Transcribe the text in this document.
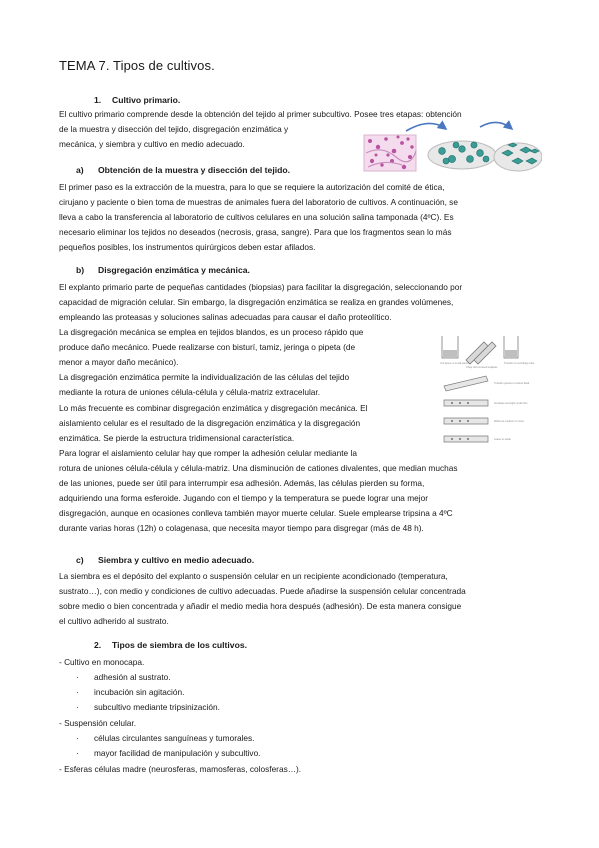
TEMA 7. Tipos de cultivos.
1. Cultivo primario.
El cultivo primario comprende desde la obtención del tejido al primer subcultivo. Posee tres etapas: obtención
de la muestra y disección del tejido, disgregación enzimática y
mecánica, y siembra y cultivo en medio adecuado.
a) Obtención de la muestra y disección del tejido.
El primer paso es la extracción de la muestra, para lo que se requiere la autorización del comité de ética,
cirujano y paciente o bien toma de muestras de animales fuera del laboratorio de cultivos. A continuación, se
lleva a cabo la transferencia al laboratorio de cultivos celulares en una solución salina tamponada (4ºC). Es
necesario eliminar los tejidos no deseados (necrosis, grasa, sangre). Para que los fragmentos sean lo más
pequeños posibles, los instrumentos quirúrgicos deben estar afilados.
b) Disgregación enzimática y mecánica.
El explanto primario parte de pequeñas cantidades (biopsias) para facilitar la disgregación, seleccionando por
capacidad de migración celular. Sin embargo, la disgregación enzimática se realiza en grandes volúmenes,
empleando las proteasas y soluciones salinas adecuadas para causar el daño proteolítico.
La disgregación mecánica se emplea en tejidos blandos, es un proceso rápido que
produce daño mecánico. Puede realizarse con bisturí, tamiz, jeringa o pipeta (de
menor a mayor daño mecánico).
La disgregación enzimática permite la individualización de las células del tejido
mediante la rotura de uniones célula-célula y célula-matriz extracelular.
Lo más frecuente es combinar disgregación enzimática y disgregación mecánica. El
aislamiento celular es el resultado de la disgregación enzimática y la disgregación
enzimática. Se pierde la estructura tridimensional característica.
Para lograr el aislamiento celular hay que romper la adhesión celular mediante la
rotura de uniones célula-célula y célula-matriz. Una disminución de cationes divalentes, que median muchas
de las uniones, puede ser útil para interrumpir esa adhesión. Además, las células pierden su forma,
adquiriendo una forma esferoide. Jugando con el tiempo y la temperatura se puede lograr una mejor
disgregación, aunque en ocasiones conlleva también mayor muerte celular. Suele emplearse tripsina a 4ºC
durante varias horas (12h) o colagenasa, que necesita mayor tiempo para disgregar (más de 48 h).
Cut tissue in small pieces
Chop with crossed scalpels
Transfer to centrifuge tube
Transfer pieces to culture flask
Incubate overnight under film
Wash as medium to cover
Leave to settle
c) Siembra y cultivo en medio adecuado.
La siembra es el depósito del explanto o suspensión celular en un recipiente acondicionado (temperatura,
sustrato…), con medio y condiciones de cultivo adecuadas. Puede añadirse la suspensión celular concentrada
sobre medio o bien concentrada y añadir el medio media hora después (adhesión). De esta manera consigue
el cultivo adherido al sustrato.
2. Tipos de siembra de los cultivos.
- Cultivo en monocapa.
· adhesión al sustrato.
· incubación sin agitación.
· subcultivo mediante tripsinización.
- Suspensión celular.
· células circulantes sanguíneas y tumorales.
· mayor facilidad de manipulación y subcultivo.
- Esferas células madre (neurosferas, mamosferas, colosferas…).
